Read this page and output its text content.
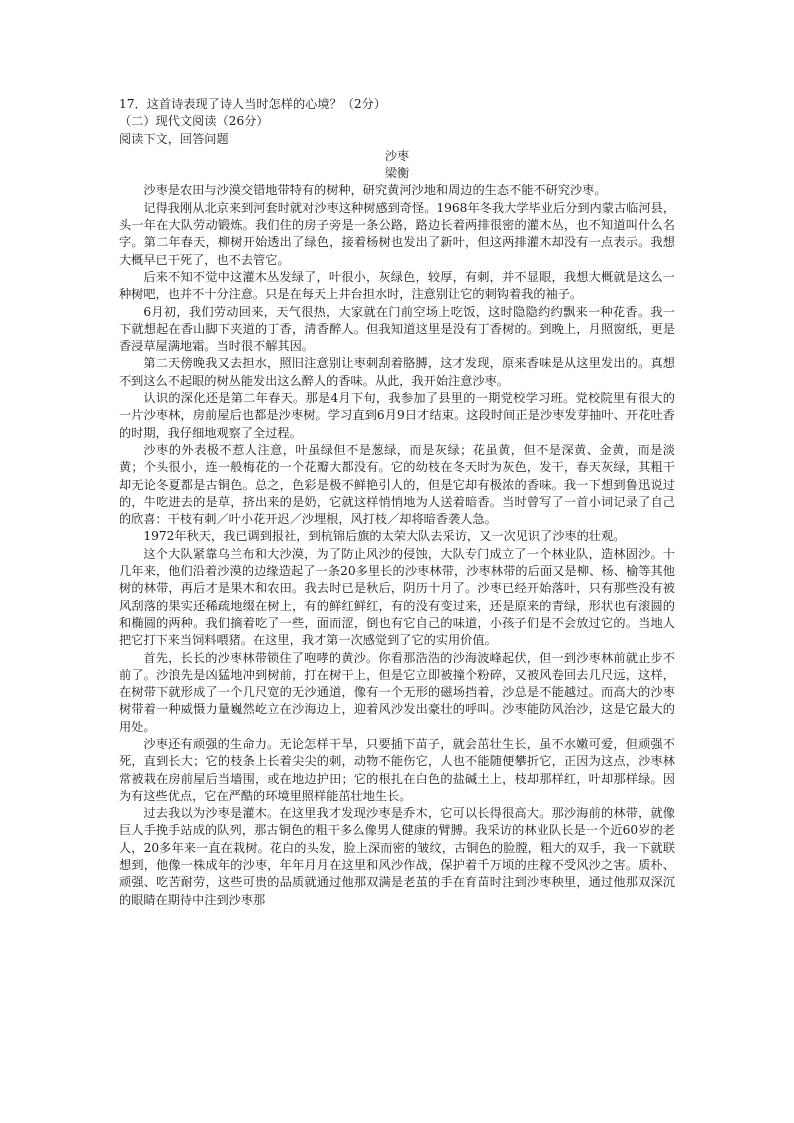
17．这首诗表现了诗人当时怎样的心境？（2分）

（二）现代文阅读（26分）

阅读下文，回答问题

沙枣

梁衡

沙枣是农田与沙漠交错地带特有的树种，研究黄河沙地和周边的生态不能不研究沙枣。

记得我刚从北京来到河套时就对沙枣这种树感到奇怪。1968年冬我大学毕业后分到内蒙古临河县，头一年在大队劳动锻炼。我们住的房子旁是一条公路，路边长着两排很密的灌木丛，也不知道叫什么名字。第二年春天，柳树开始透出了绿色，接着杨树也发出了新叶，但这两排灌木却没有一点表示。我想大概早已干死了，也不去管它。

后来不知不觉中这灌木丛发绿了，叶很小，灰绿色，较厚，有刺，并不显眼，我想大概就是这么一种树吧，也并不十分注意。只是在每天上井台担水时，注意别让它的刺钩着我的袖子。

6月初，我们劳动回来，天气很热，大家就在门前空场上吃饭，这时隐隐约约飘来一种花香。我一下就想起在香山脚下夹道的丁香，清香醉人。但我知道这里是没有丁香树的。到晚上，月照窗纸，更是香浸草屋满地霜。当时很不解其因。

第二天傍晚我又去担水，照旧注意别让枣刺刮着胳膊，这才发现，原来香味是从这里发出的。真想不到这么不起眼的树丛能发出这么醉人的香味。从此，我开始注意沙枣。

认识的深化还是第二年春天。那是4月下旬，我参加了县里的一期党校学习班。党校院里有很大的一片沙枣林，房前屋后也都是沙枣树。学习直到6月9日才结束。这段时间正是沙枣发芽抽叶、开花吐香的时期，我仔细地观察了全过程。

沙枣的外表极不惹人注意，叶虽绿但不是葱绿，而是灰绿；花虽黄，但不是深黄、金黄，而是淡黄；个头很小，连一般梅花的一个花瓣大都没有。它的幼枝在冬天时为灰色，发干，春天灰绿，其粗干却无论冬夏都是古铜色。总之，色彩是极不鲜艳引人的，但是它却有极浓的香味。我一下想到鲁迅说过的，牛吃进去的是草，挤出来的是奶，它就这样悄悄地为人送着暗香。当时曾写了一首小词记录了自己的欣喜：干枝有刺／叶小花开迟／沙埋根，风打枝／却将暗香袭人急。

1972年秋天，我已调到报社，到杭锦后旗的太荣大队去采访，又一次见识了沙枣的壮观。

这个大队紧靠乌兰布和大沙漠，为了防止风沙的侵蚀，大队专门成立了一个林业队，造林固沙。十几年来，他们沿着沙漠的边缘造起了一条20多里长的沙枣林带，沙枣林带的后面又是柳、杨、榆等其他树的林带，再后才是果木和农田。我去时已是秋后，阴历十月了。沙枣已经开始落叶，只有那些没有被风刮落的果实还稀疏地缀在树上，有的鲜红鲜红，有的没有变过来，还是原来的青绿，形状也有滚圆的和椭圆的两种。我们摘着吃了一些，面而涩，倒也有它自己的味道，小孩子们是不会放过它的。当地人把它打下来当饲料喂猪。在这里，我才第一次感觉到了它的实用价值。

首先，长长的沙枣林带锁住了咆哮的黄沙。你看那浩浩的沙海波峰起伏，但一到沙枣林前就止步不前了。沙浪先是凶猛地冲到树前，打在树干上，但是它立即被撞个粉碎，又被风卷回去几尺远，这样，在树带下就形成了一个几尺宽的无沙通道，像有一个无形的磁场挡着，沙总是不能越过。而高大的沙枣树带着一种威慑力量巍然屹立在沙海边上，迎着风沙发出豪壮的呼叫。沙枣能防风治沙，这是它最大的用处。

沙枣还有顽强的生命力。无论怎样干旱，只要插下苗子，就会茁壮生长，虽不水嫩可爱，但顽强不死，直到长大；它的枝条上长着尖尖的刺，动物不能伤它，人也不能随便攀折它，正因为这点，沙枣林常被栽在房前屋后当墙围，或在地边护田；它的根扎在白色的盐碱土上，枝却那样红，叶却那样绿。因为有这些优点，它在严酷的环境里照样能茁壮地生长。

过去我以为沙枣是灌木。在这里我才发现沙枣是乔木，它可以长得很高大。那沙海前的林带，就像巨人手挽手站成的队列，那古铜色的粗干多么像男人健康的臂膊。我采访的林业队长是一个近60岁的老人，20多年来一直在栽树。花白的头发，脸上深而密的皱纹，古铜色的脸膛，粗大的双手，我一下就联想到，他像一株成年的沙枣，年年月月在这里和风沙作战，保护着千万顷的庄稼不受风沙之害。质朴、顽强、吃苦耐劳，这些可贵的品质就通过他那双满是老茧的手在育苗时注到沙枣秧里，通过他那双深沉的眼睛在期待中注到沙枣那
